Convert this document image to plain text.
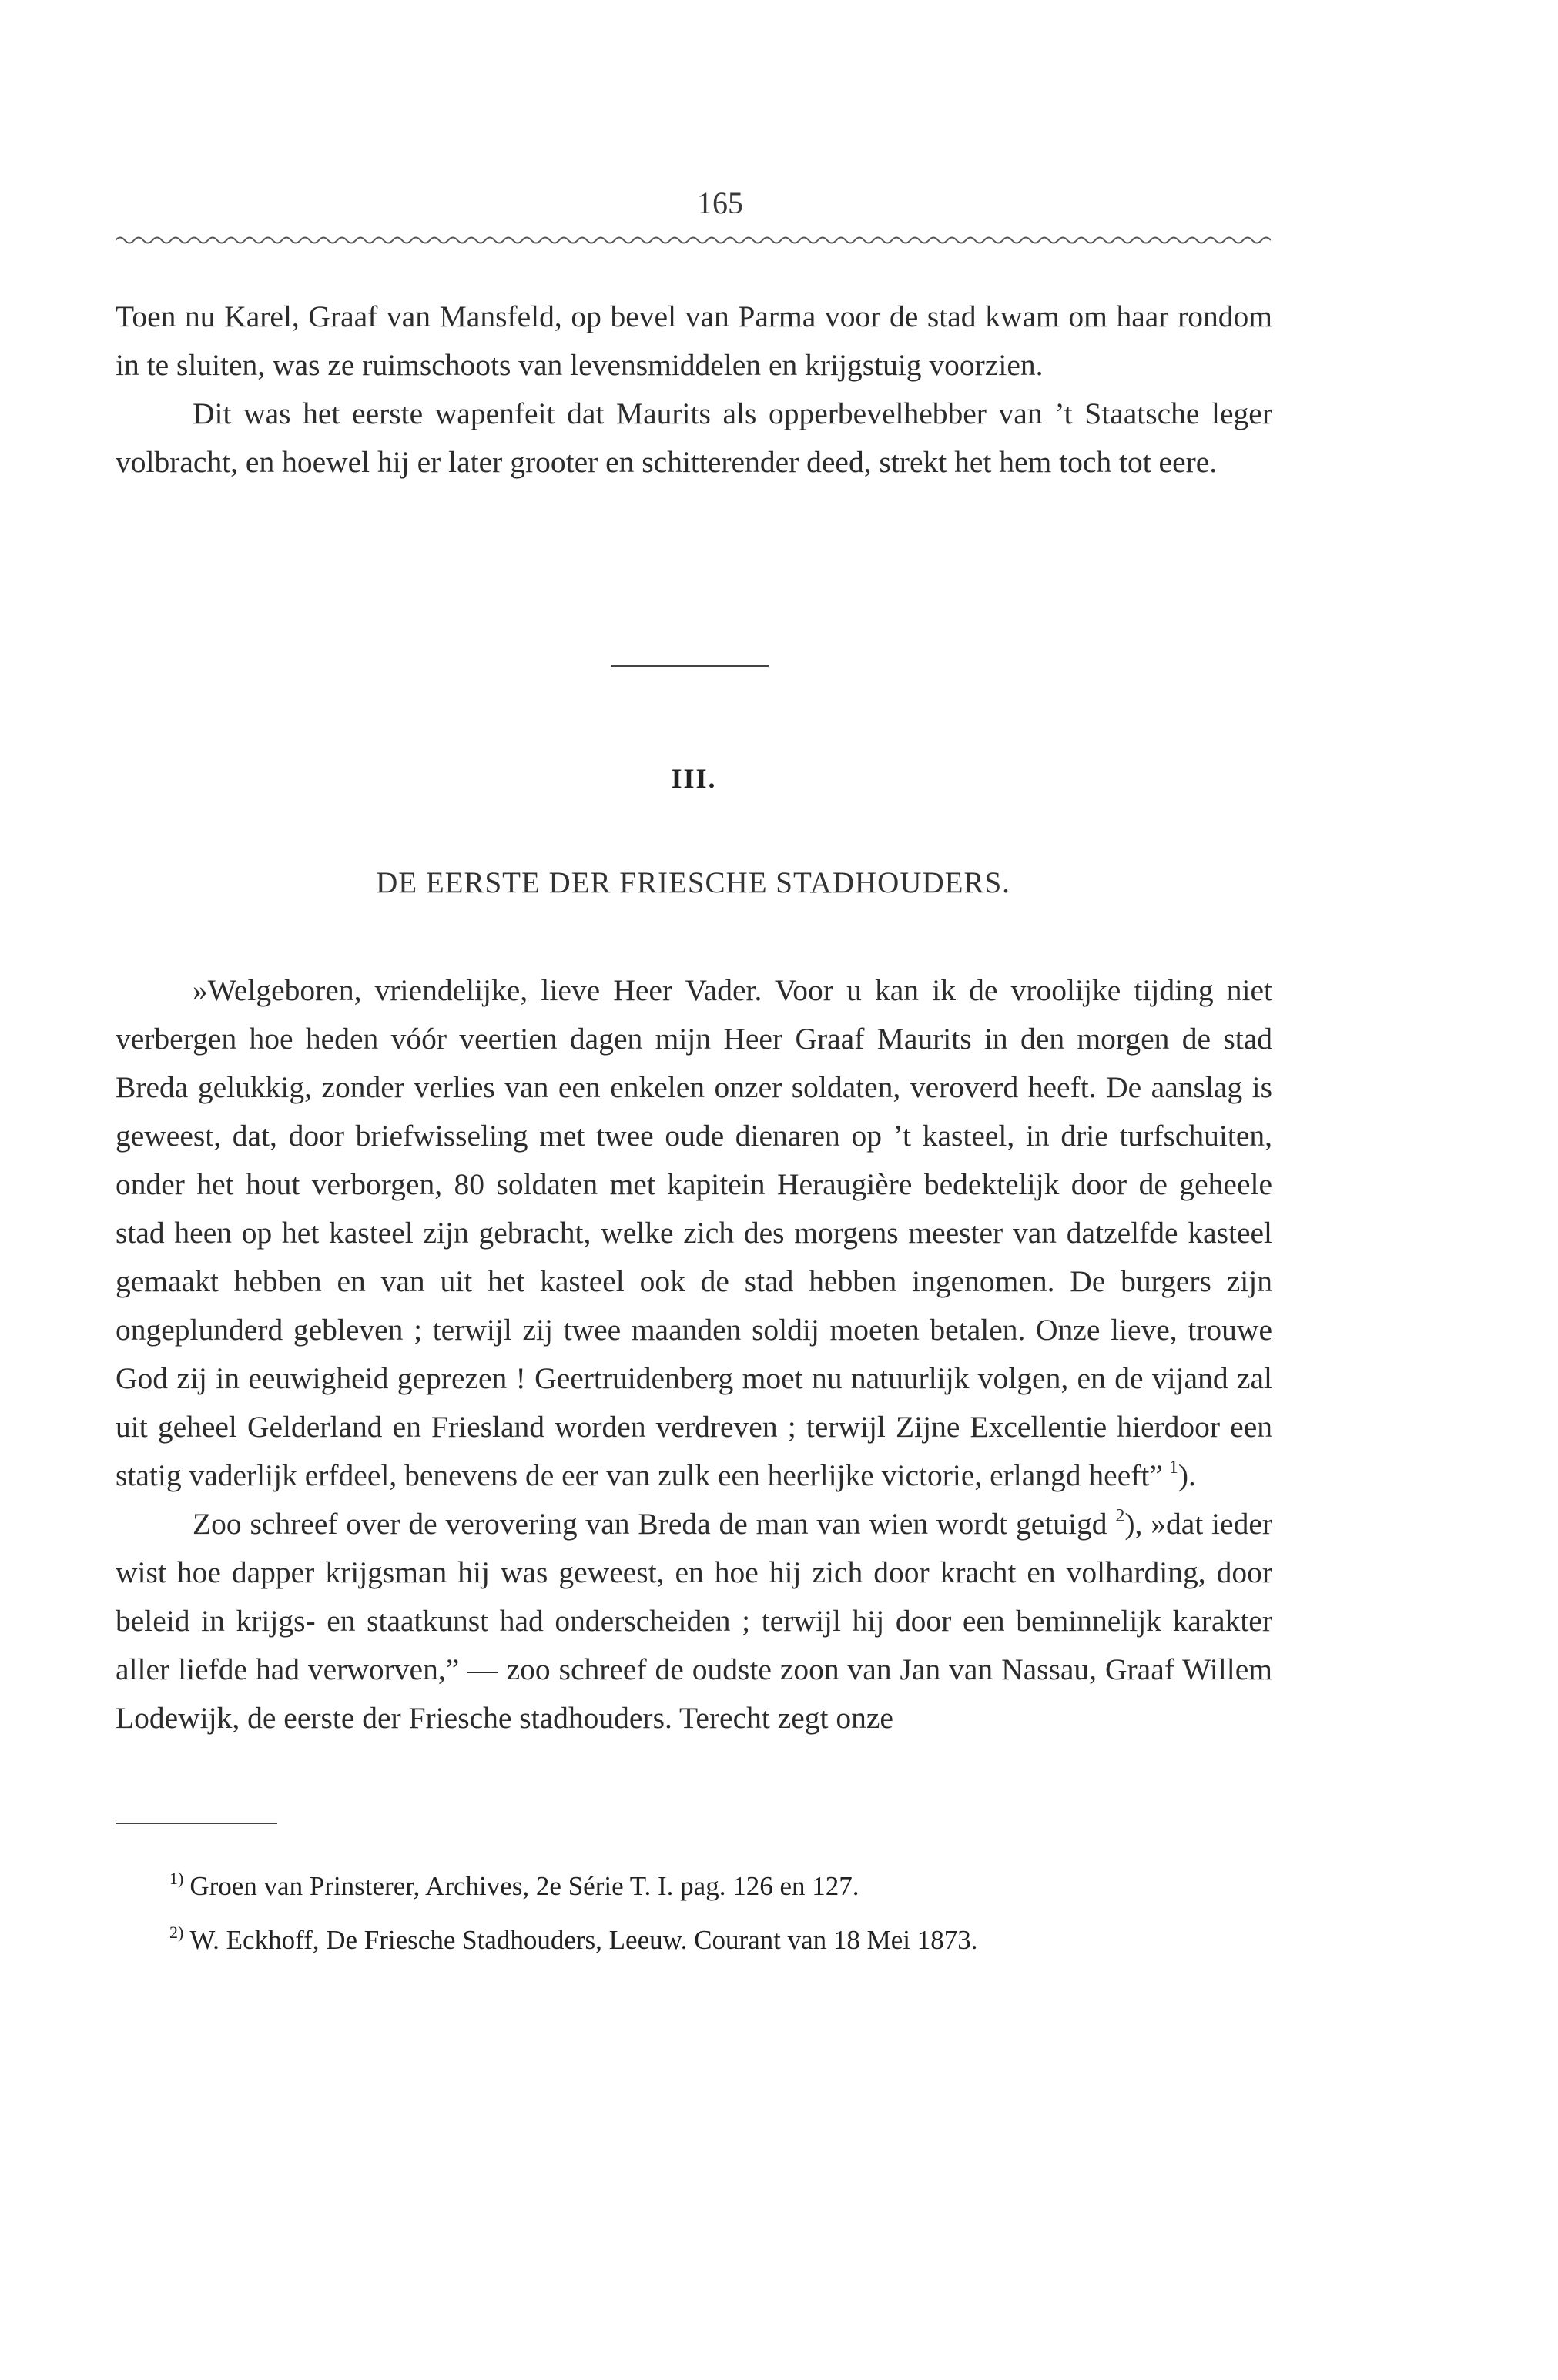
165

Toen nu Karel, Graaf van Mansfeld, op bevel van Parma voor de stad kwam om haar rondom in te sluiten, was ze ruimschoots van levensmiddelen en krijgstuig voorzien.

Dit was het eerste wapenfeit dat Maurits als opperbevelhebber van ’t Staatsche leger volbracht, en hoewel hij er later grooter en schitterender deed, strekt het hem toch tot eere.

III.
DE EERSTE DER FRIESCHE STADHOUDERS.

»Welgeboren, vriendelijke, lieve Heer Vader. Voor u kan ik de vroolijke tijding niet verbergen hoe heden vóór veertien dagen mijn Heer Graaf Maurits in den morgen de stad Breda gelukkig, zonder verlies van een enkelen onzer soldaten, veroverd heeft. De aanslag is geweest, dat, door briefwisseling met twee oude dienaren op ’t kasteel, in drie turfschuiten, onder het hout verborgen, 80 soldaten met kapitein Heraugière bedektelijk door de geheele stad heen op het kasteel zijn gebracht, welke zich des morgens meester van datzelfde kasteel gemaakt hebben en van uit het kasteel ook de stad hebben ingenomen. De burgers zijn ongeplunderd gebleven ; terwijl zij twee maanden soldij moeten betalen. Onze lieve, trouwe God zij in eeuwigheid geprezen ! Geertruidenberg moet nu natuurlijk volgen, en de vijand zal uit geheel Gelderland en Friesland worden verdreven ; terwijl Zijne Excellentie hierdoor een statig vaderlijk erfdeel, benevens de eer van zulk een heerlijke victorie, erlangd heeft”  $^1$).

Zoo schreef over de verovering van Breda de man van wien wordt getuigd $^2$), »dat ieder wist hoe dapper krijgsman hij was geweest, en hoe hij zich door kracht en volharding, door beleid in krijgs- en staatkunst had onderscheiden ; terwijl hij door een beminnelijk karakter aller liefde had verworven,” — zoo schreef de oudste zoon van Jan van Nassau, Graaf Willem Lodewijk, de eerste der Friesche stadhouders. Terecht zegt onze

$^{1)}$ Groen van Prinsterer, Archives, 2e Série T. I. pag. 126 en 127.

$^{2)}$ W. Eckhoff, De Friesche Stadhouders, Leeuw. Courant van 18 Mei 1873.
